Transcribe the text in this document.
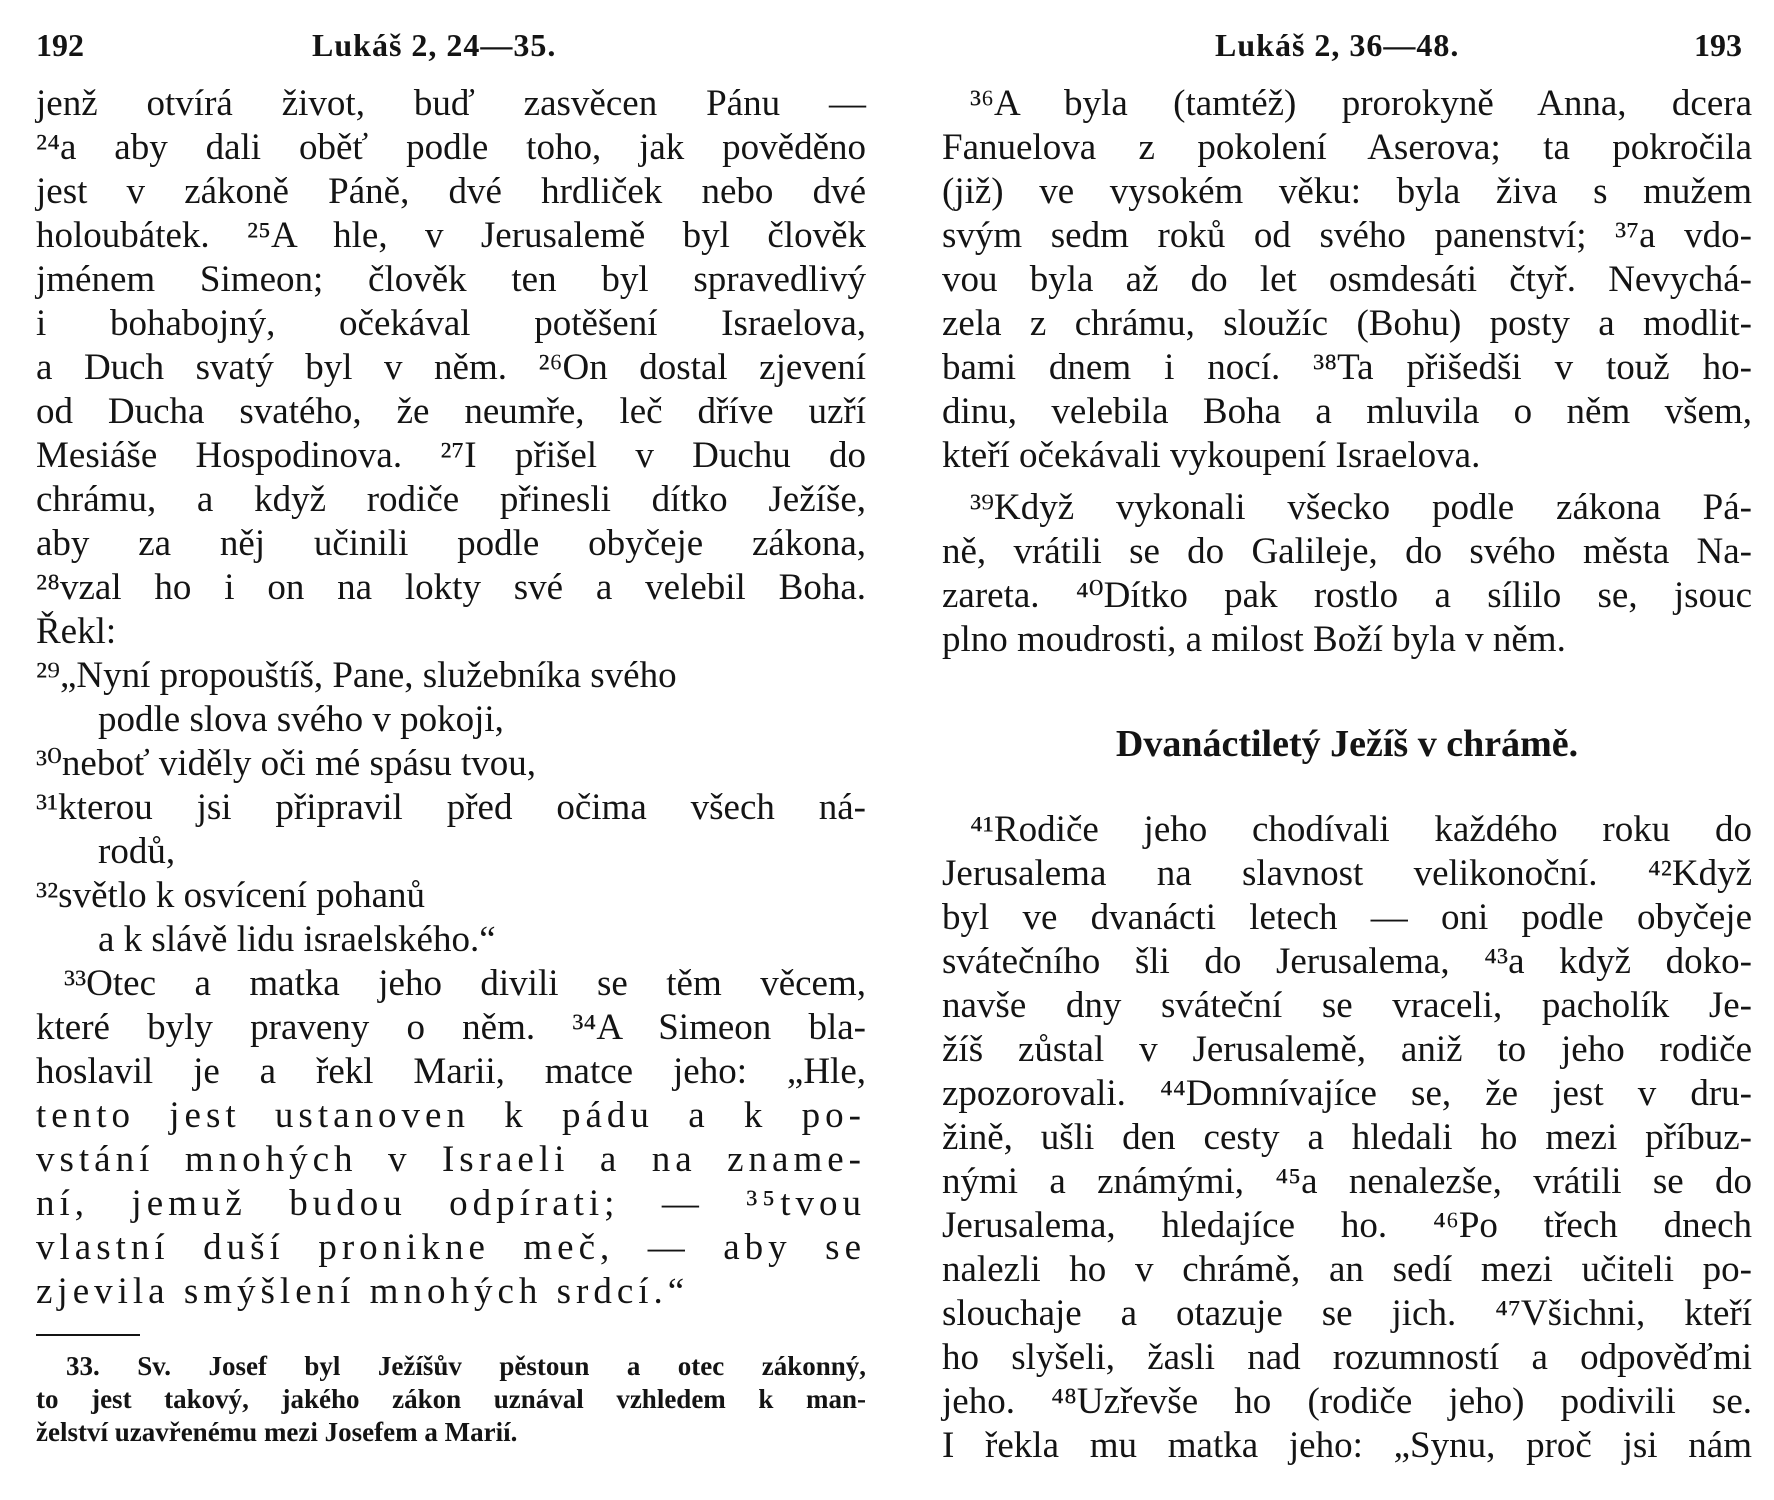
192	Lukáš 2, 24—35.
jenž otvírá život, buď zasvěcen Pánu —
²⁴a aby dali oběť podle toho, jak pověděno
jest v zákoně Páně, dvé hrdliček nebo dvé
holoubátek. ²⁵A hle, v Jerusalemě byl člověk
jménem Simeon; člověk ten byl spravedlivý
i bohabojný, očekával potěšení Israelova,
a Duch svatý byl v něm. ²⁶On dostal zjevení
od Ducha svatého, že neumře, leč dříve uzří
Mesiáše Hospodinova. ²⁷I přišel v Duchu do
chrámu, a když rodiče přinesli dítko Ježíše,
aby za něj učinili podle obyčeje zákona,
²⁸vzal ho i on na lokty své a velebil Boha.
Řekl:
²⁹„Nyní propouštíš, Pane, služebníka svého
podle slova svého v pokoji,
³⁰neboť viděly oči mé spásu tvou,
³¹kterou jsi připravil před očima všech ná-
rodů,
³²světlo k osvícení pohanů
a k slávě lidu israelského.“
³³Otec a matka jeho divili se těm věcem,
které byly praveny o něm. ³⁴A Simeon bla-
hoslavil je a řekl Marii, matce jeho: „Hle,
tento jest ustanoven k pádu a k po-
vstání mnohých v Israeli a na zname-
ní, jemuž budou odpírati; — ³⁵tvou
vlastní duší pronikne meč, — aby se
zjevila smýšlení mnohých srdcí.“
33. Sv. Josef byl Ježíšův pěstoun a otec zákonný,
to jest takový, jakého zákon uznával vzhledem k man-
želství uzavřenému mezi Josefem a Marií.
Lukáš 2, 36—48.	193
³⁶A byla (tamtéž) prorokyně Anna, dcera
Fanuelova z pokolení Aserova; ta pokročila
(již) ve vysokém věku: byla živa s mužem
svým sedm roků od svého panenství; ³⁷a vdo-
vou byla až do let osmdesáti čtyř. Nevychá-
zela z chrámu, sloužíc (Bohu) posty a modlit-
bami dnem i nocí. ³⁸Ta přišedši v touž ho-
dinu, velebila Boha a mluvila o něm všem,
kteří očekávali vykoupení Israelova.
³⁹Když vykonali všecko podle zákona Pá-
ně, vrátili se do Galileje, do svého města Na-
zareta. ⁴⁰Dítko pak rostlo a sílilo se, jsouc
plno moudrosti, a milost Boží byla v něm.
Dvanáctiletý Ježíš v chrámě.
⁴¹Rodiče jeho chodívali každého roku do
Jerusalema na slavnost velikonoční. ⁴²Když
byl ve dvanácti letech — oni podle obyčeje
svátečního šli do Jerusalema, ⁴³a když doko-
navše dny sváteční se vraceli, pacholík Je-
žíš zůstal v Jerusalemě, aniž to jeho rodiče
zpozorovali. ⁴⁴Domnívajíce se, že jest v dru-
žině, ušli den cesty a hledali ho mezi příbuz-
nými a známými, ⁴⁵a nenalezše, vrátili se do
Jerusalema, hledajíce ho. ⁴⁶Po třech dnech
nalezli ho v chrámě, an sedí mezi učiteli po-
slouchaje a otazuje se jich. ⁴⁷Všichni, kteří
ho slyšeli, žasli nad rozumností a odpověďmi
jeho. ⁴⁸Uzřevše ho (rodiče jeho) podivili se.
I řekla mu matka jeho: „Synu, proč jsi nám
